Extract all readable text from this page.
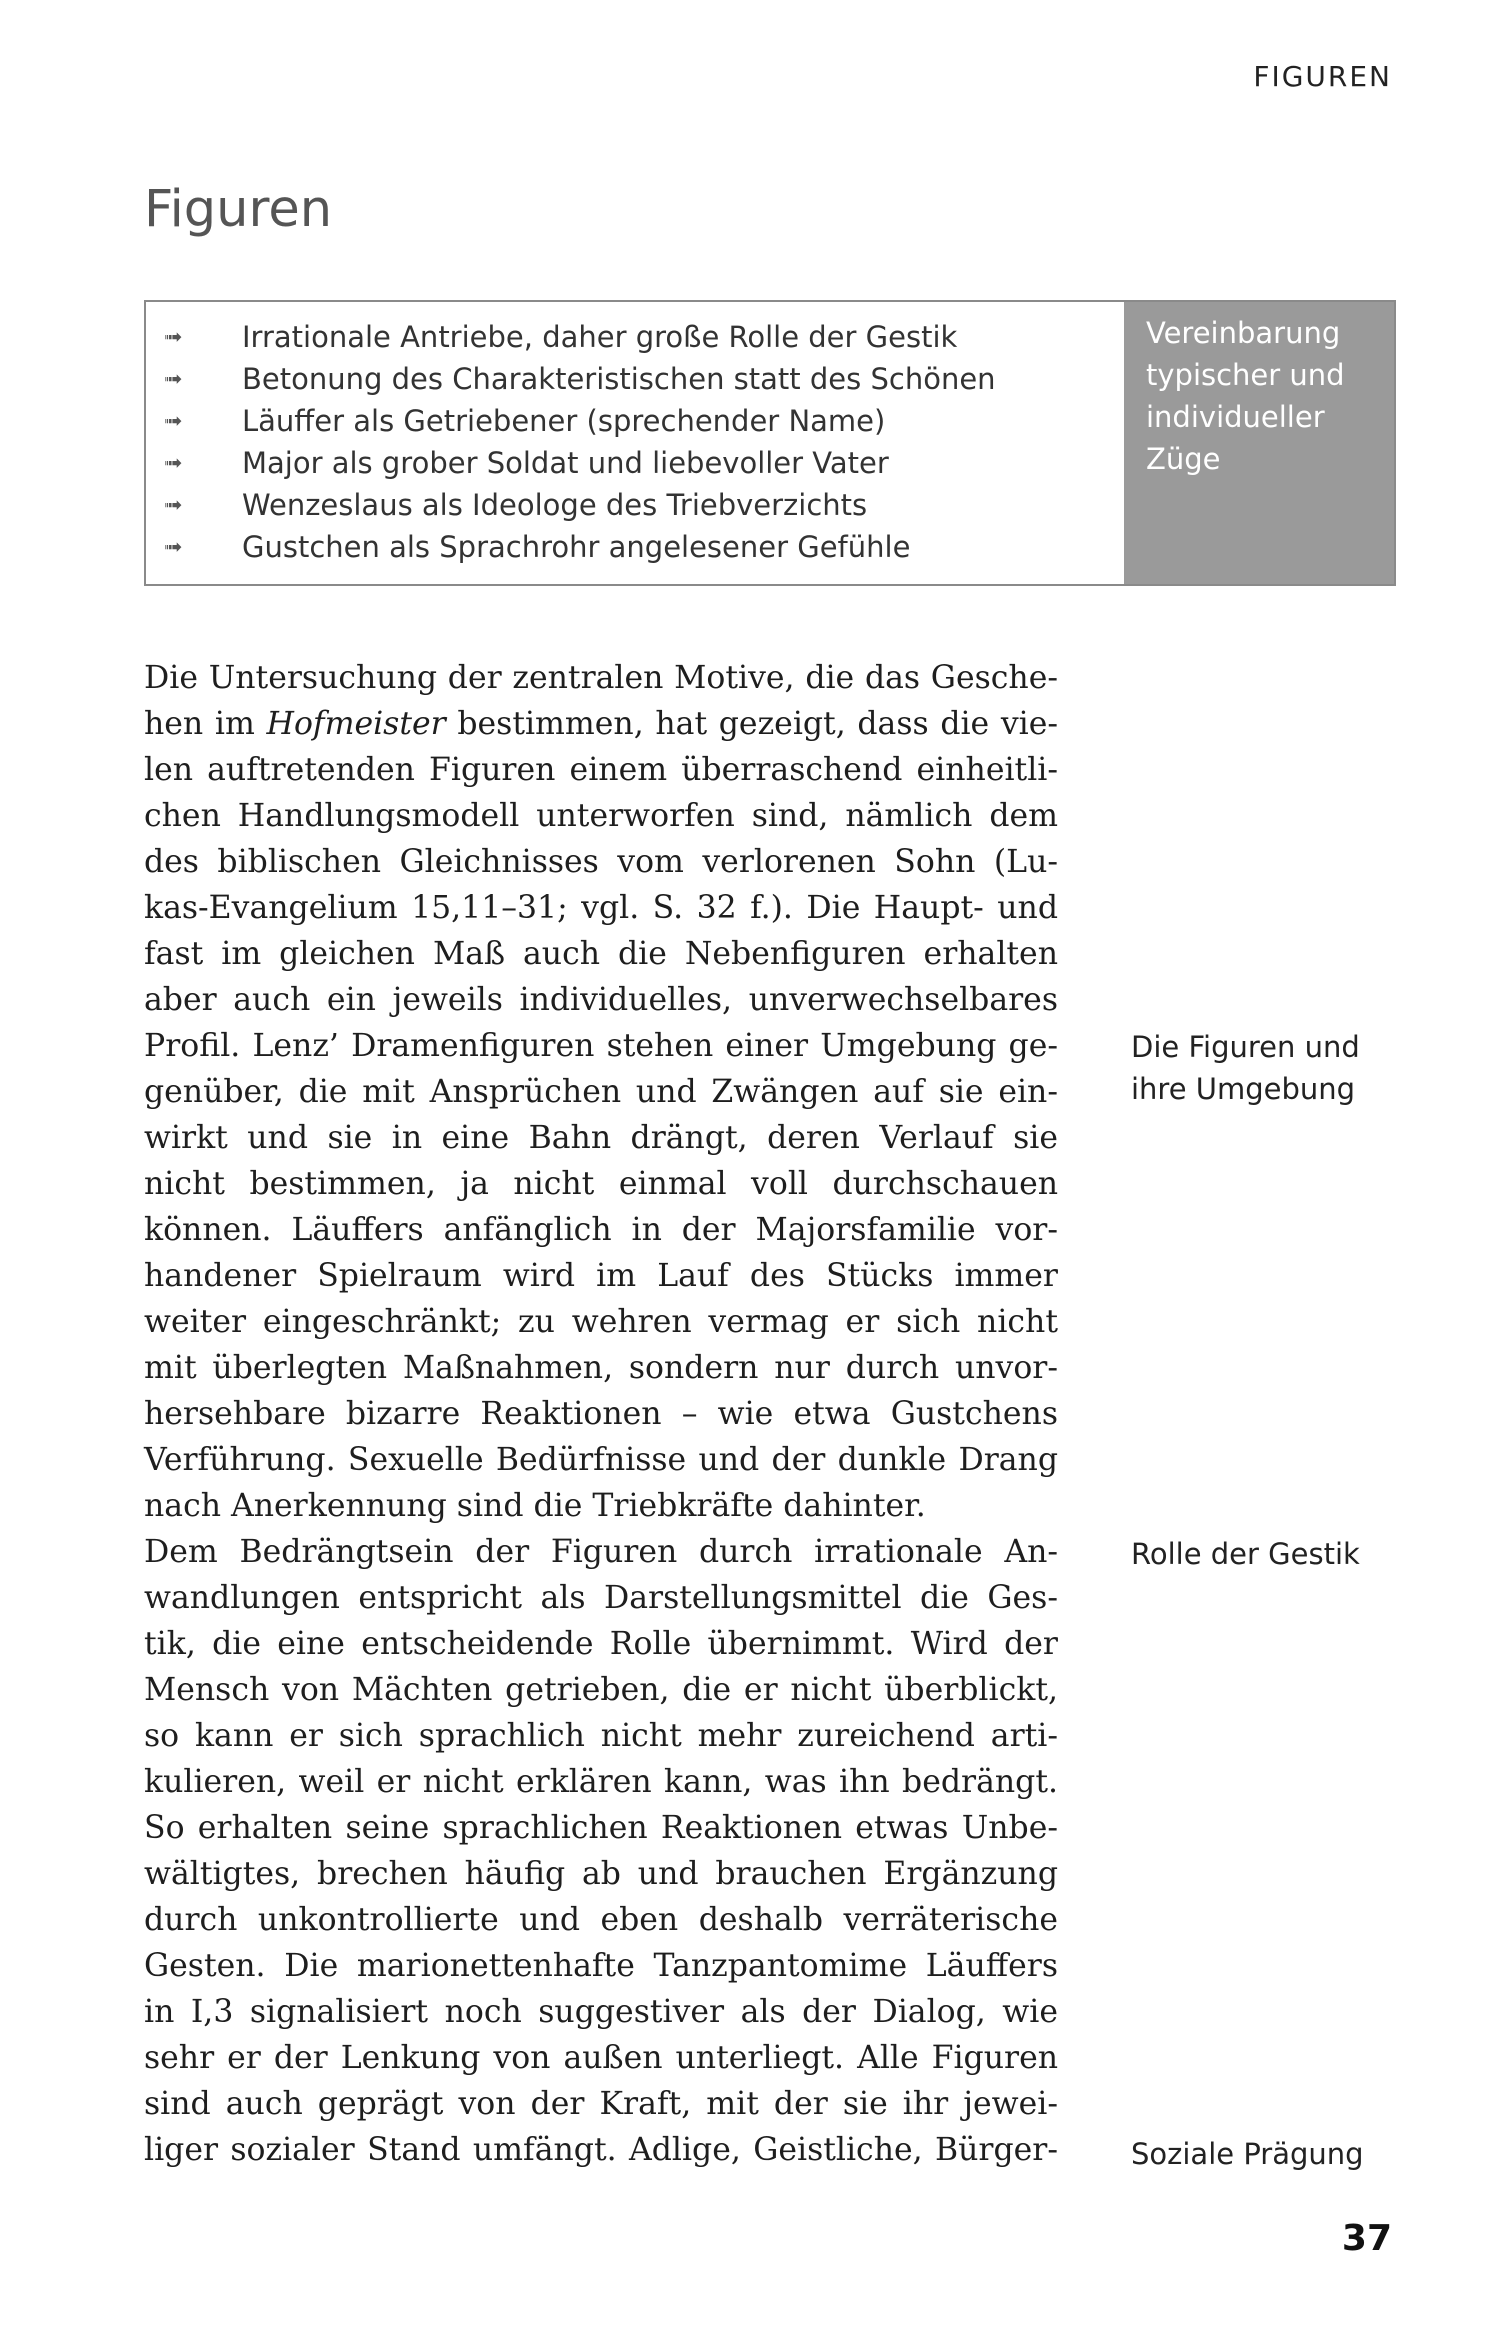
FIGUREN
Figuren
➟	Irrationale Antriebe, daher große Rolle der Gestik
➟	Betonung des Charakteristischen statt des Schönen
➟	Läuffer als Getriebener (sprechender Name)
➟	Major als grober Soldat und liebevoller Vater
➟	Wenzeslaus als Ideologe des Triebverzichts
➟	Gustchen als Sprachrohr angelesener Gefühle
Vereinbarung
typischer und
individueller
Züge
Die Untersuchung der zentralen Motive, die das Gesche-
hen im Hofmeister bestimmen, hat gezeigt, dass die vie-
len auftretenden Figuren einem überraschend einheitli-
chen Handlungsmodell unterworfen sind, nämlich dem
des biblischen Gleichnisses vom verlorenen Sohn (Lu-
kas-Evangelium 15,11–31; vgl. S. 32 f.). Die Haupt- und
fast im gleichen Maß auch die Nebenfiguren erhalten
aber auch ein jeweils individuelles, unverwechselbares
Profil. Lenz’ Dramenfiguren stehen einer Umgebung ge-
genüber, die mit Ansprüchen und Zwängen auf sie ein-
wirkt und sie in eine Bahn drängt, deren Verlauf sie
nicht bestimmen, ja nicht einmal voll durchschauen
können. Läuffers anfänglich in der Majorsfamilie vor-
handener Spielraum wird im Lauf des Stücks immer
weiter eingeschränkt; zu wehren vermag er sich nicht
mit überlegten Maßnahmen, sondern nur durch unvor-
hersehbare bizarre Reaktionen – wie etwa Gustchens
Verführung. Sexuelle Bedürfnisse und der dunkle Drang
nach Anerkennung sind die Triebkräfte dahinter.
Dem Bedrängtsein der Figuren durch irrationale An-
wandlungen entspricht als Darstellungsmittel die Ges-
tik, die eine entscheidende Rolle übernimmt. Wird der
Mensch von Mächten getrieben, die er nicht überblickt,
so kann er sich sprachlich nicht mehr zureichend arti-
kulieren, weil er nicht erklären kann, was ihn bedrängt.
So erhalten seine sprachlichen Reaktionen etwas Unbe-
wältigtes, brechen häufig ab und brauchen Ergänzung
durch unkontrollierte und eben deshalb verräterische
Gesten. Die marionettenhafte Tanzpantomime Läuffers
in I,3 signalisiert noch suggestiver als der Dialog, wie
sehr er der Lenkung von außen unterliegt. Alle Figuren
sind auch geprägt von der Kraft, mit der sie ihr jewei-
liger sozialer Stand umfängt. Adlige, Geistliche, Bürger-
Die Figuren und
ihre Umgebung
Rolle der Gestik
Soziale Prägung
37
